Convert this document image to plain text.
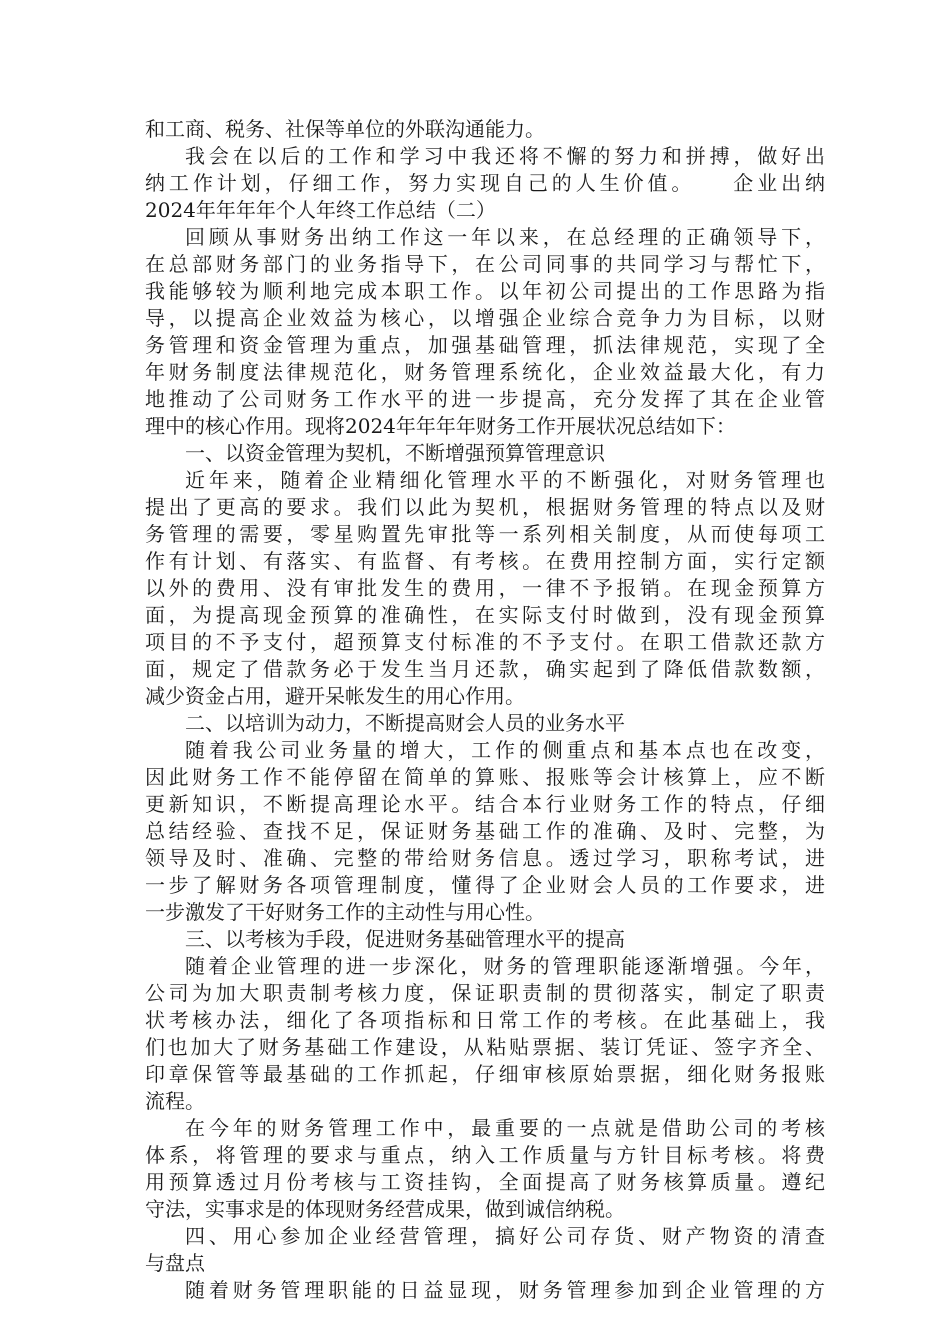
和工商、税务、社保等单位的外联沟通能力。
我会在以后的工作和学习中我还将不懈的努力和拼搏，做好出
纳工作计划，仔细工作，努力实现自己的人生价值。　　企业出纳
2024年年年年个人年终工作总结（二）
回顾从事财务出纳工作这一年以来，在总经理的正确领导下，
在总部财务部门的业务指导下，在公司同事的共同学习与帮忙下，
我能够较为顺利地完成本职工作。以年初公司提出的工作思路为指
导，以提高企业效益为核心，以增强企业综合竞争力为目标，以财
务管理和资金管理为重点，加强基础管理，抓法律规范，实现了全
年财务制度法律规范化，财务管理系统化，企业效益最大化，有力
地推动了公司财务工作水平的进一步提高，充分发挥了其在企业管
理中的核心作用。现将2024年年年年财务工作开展状况总结如下：
一、以资金管理为契机，不断增强预算管理意识
近年来，随着企业精细化管理水平的不断强化，对财务管理也
提出了更高的要求。我们以此为契机，根据财务管理的特点以及财
务管理的需要，零星购置先审批等一系列相关制度，从而使每项工
作有计划、有落实、有监督、有考核。在费用控制方面，实行定额
以外的费用、没有审批发生的费用，一律不予报销。在现金预算方
面，为提高现金预算的准确性，在实际支付时做到，没有现金预算
项目的不予支付，超预算支付标准的不予支付。在职工借款还款方
面，规定了借款务必于发生当月还款，确实起到了降低借款数额，
减少资金占用，避开呆帐发生的用心作用。
二、以培训为动力，不断提高财会人员的业务水平
随着我公司业务量的增大，工作的侧重点和基本点也在改变，
因此财务工作不能停留在简单的算账、报账等会计核算上，应不断
更新知识，不断提高理论水平。结合本行业财务工作的特点，仔细
总结经验、查找不足，保证财务基础工作的准确、及时、完整，为
领导及时、准确、完整的带给财务信息。透过学习，职称考试，进
一步了解财务各项管理制度，懂得了企业财会人员的工作要求，进
一步激发了干好财务工作的主动性与用心性。
三、以考核为手段，促进财务基础管理水平的提高
随着企业管理的进一步深化，财务的管理职能逐渐增强。今年，
公司为加大职责制考核力度，保证职责制的贯彻落实，制定了职责
状考核办法，细化了各项指标和日常工作的考核。在此基础上，我
们也加大了财务基础工作建设，从粘贴票据、装订凭证、签字齐全、
印章保管等最基础的工作抓起，仔细审核原始票据，细化财务报账
流程。
在今年的财务管理工作中，最重要的一点就是借助公司的考核
体系，将管理的要求与重点，纳入工作质量与方针目标考核。将费
用预算透过月份考核与工资挂钩，全面提高了财务核算质量。遵纪
守法，实事求是的体现财务经营成果，做到诚信纳税。
四、用心参加企业经营管理，搞好公司存货、财产物资的清查
与盘点
随着财务管理职能的日益显现，财务管理参加到企业管理的方
